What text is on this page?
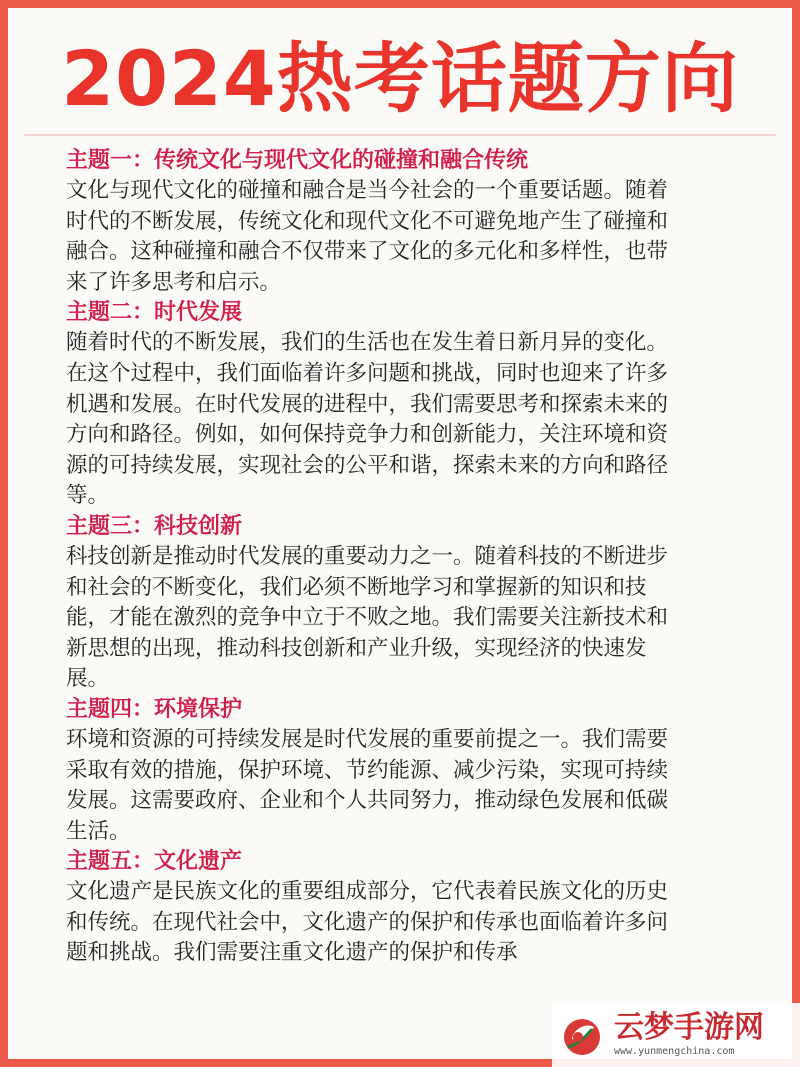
2024热考话题方向
主题一：传统文化与现代文化的碰撞和融合传统
文化与现代文化的碰撞和融合是当今社会的一个重要话题。随着
时代的不断发展，传统文化和现代文化不可避免地产生了碰撞和
融合。这种碰撞和融合不仅带来了文化的多元化和多样性，也带
来了许多思考和启示。
主题二：时代发展
随着时代的不断发展，我们的生活也在发生着日新月异的变化。
在这个过程中，我们面临着许多问题和挑战，同时也迎来了许多
机遇和发展。在时代发展的进程中，我们需要思考和探索未来的
方向和路径。例如，如何保持竞争力和创新能力，关注环境和资
源的可持续发展，实现社会的公平和谐，探索未来的方向和路径
等。
主题三：科技创新
科技创新是推动时代发展的重要动力之一。随着科技的不断进步
和社会的不断变化，我们必须不断地学习和掌握新的知识和技
能，才能在激烈的竞争中立于不败之地。我们需要关注新技术和
新思想的出现，推动科技创新和产业升级，实现经济的快速发
展。
主题四：环境保护
环境和资源的可持续发展是时代发展的重要前提之一。我们需要
采取有效的措施，保护环境、节约能源、减少污染，实现可持续
发展。这需要政府、企业和个人共同努力，推动绿色发展和低碳
生活。
主题五：文化遗产
文化遗产是民族文化的重要组成部分，它代表着民族文化的历史
和传统。在现代社会中，文化遗产的保护和传承也面临着许多问
题和挑战。我们需要注重文化遗产的保护和传承
云梦手游网
www.yunmengchina.com
